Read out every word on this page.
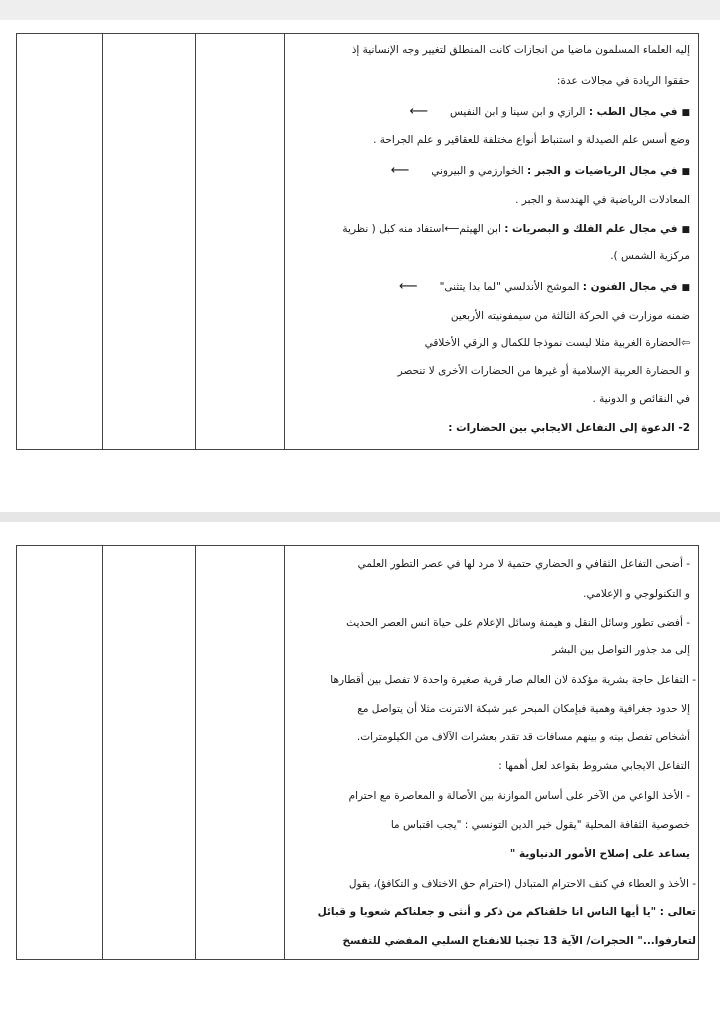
إليه العلماء المسلمون ماضيا من انجازات كانت المنطلق لتغيير وجه الإنسانية إذ
حققوا الريادة في مجالات عدة:
■في مجال الطب : الرازي و ابن سينا و ابن النفيس⟵
وضع أسس علم الصيدلة و استنباط أنواع مختلفة للعقاقير و علم الجراحة .
■في مجال الرياضيات و الجبر : الخوارزمي و البيروني⟵
المعادلات الرياضية في الهندسة و الجبر .
■في مجال علم الفلك و البصريات : ابن الهيثم⟵استفاد منه كبل ( نظرية
مركزية الشمس ).
■في مجال الفنون : الموشح الأندلسي "لما بدا يتثنى"⟵
ضمنه موزارت في الحركة الثالثة من سيمفونيته الأربعين
⇦الحضارة الغربية مثلا ليست نموذجا للكمال و الرقي الأخلاقي
و الحضارة العربية الإسلامية أو غيرها من الحضارات الأخرى لا تنحصر
في النقائص و الدونية .
2- الدعوة إلى التفاعل الايجابي بين الحضارات :
- أضحى التفاعل الثقافي و الحضاري حتمية لا مرد لها في عصر التطور العلمي
و التكنولوجي و الإعلامي.
- أفضى تطور وسائل النقل و هيمنة وسائل الإعلام على حياة انس العصر الحديث
إلى مد جذور التواصل بين البشر
- التفاعل حاجة بشرية مؤكدة لان العالم صار قرية صغيرة واحدة لا تفصل بين أقطارها
إلا حدود جغرافية وهمية فبإمكان المبحر عبر شبكة الانترنت مثلا أن يتواصل مع
أشخاص تفصل بينه و بينهم مسافات قد تقدر بعشرات الآلاف من الكيلومترات.
التفاعل الايجابي مشروط بقواعد لعل أهمها :
- الأخذ الواعي من الآخر على أساس الموازنة بين الأصالة و المعاصرة مع احترام
خصوصية الثقافة المحلية "يقول خير الدين التونسي : "يجب اقتباس ما
يساعد على إصلاح الأمور الدنياوية "
- الأخذ و العطاء في كنف الاحترام المتبادل (احترام حق الاختلاف و التكافؤ)، يقول
تعالى : "يا أيها الناس انا خلقناكم من ذكر و أنثى و جعلناكم شعوبا و قبائل
لتعارفوا..." الحجرات/ الآية 13 تجنبا للانفتاح السلبي المفضي للتفسخ
